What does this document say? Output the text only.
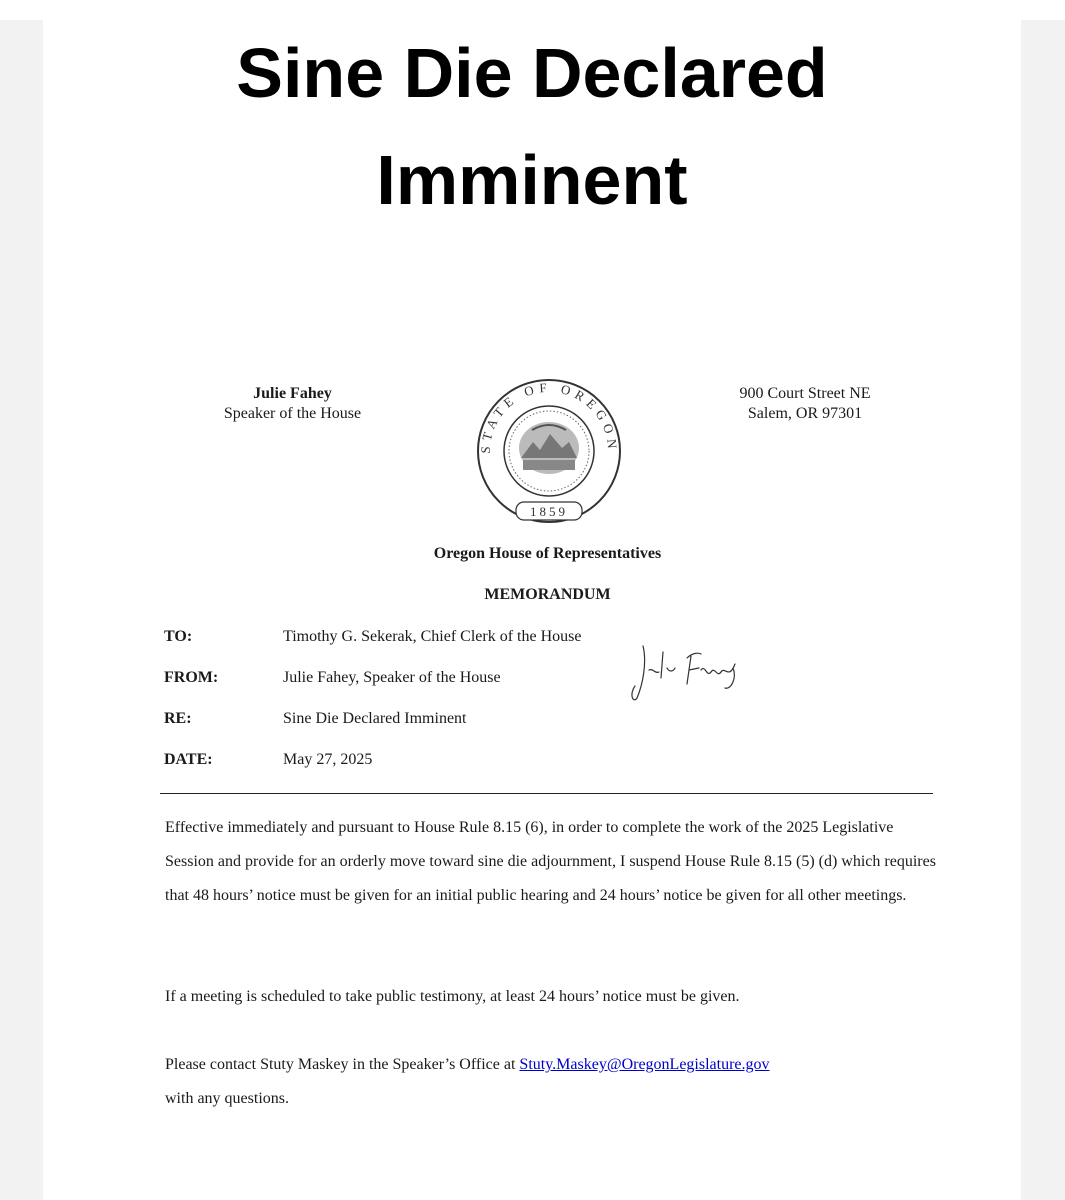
Sine Die Declared
Imminent
Julie Fahey
Speaker of the House
STATE OF OREGON
1859
900 Court Street NE
Salem, OR 97301
Oregon House of Representatives
MEMORANDUM
TO:	Timothy G. Sekerak, Chief Clerk of the House
FROM:	Julie Fahey, Speaker of the House
RE:	Sine Die Declared Imminent
DATE:	May 27, 2025

Effective immediately and pursuant to House Rule 8.15 (6), in order to complete the work of the 2025 Legislative Session and provide for an orderly move toward sine die adjournment, I suspend House Rule 8.15 (5) (d) which requires that 48 hours’ notice must be given for an initial public hearing and 24 hours’ notice be given for all other meetings.

If a meeting is scheduled to take public testimony, at least 24 hours’ notice must be given.

Please contact Stuty Maskey in the Speaker’s Office at Stuty.Maskey@OregonLegislature.gov
with any questions.
